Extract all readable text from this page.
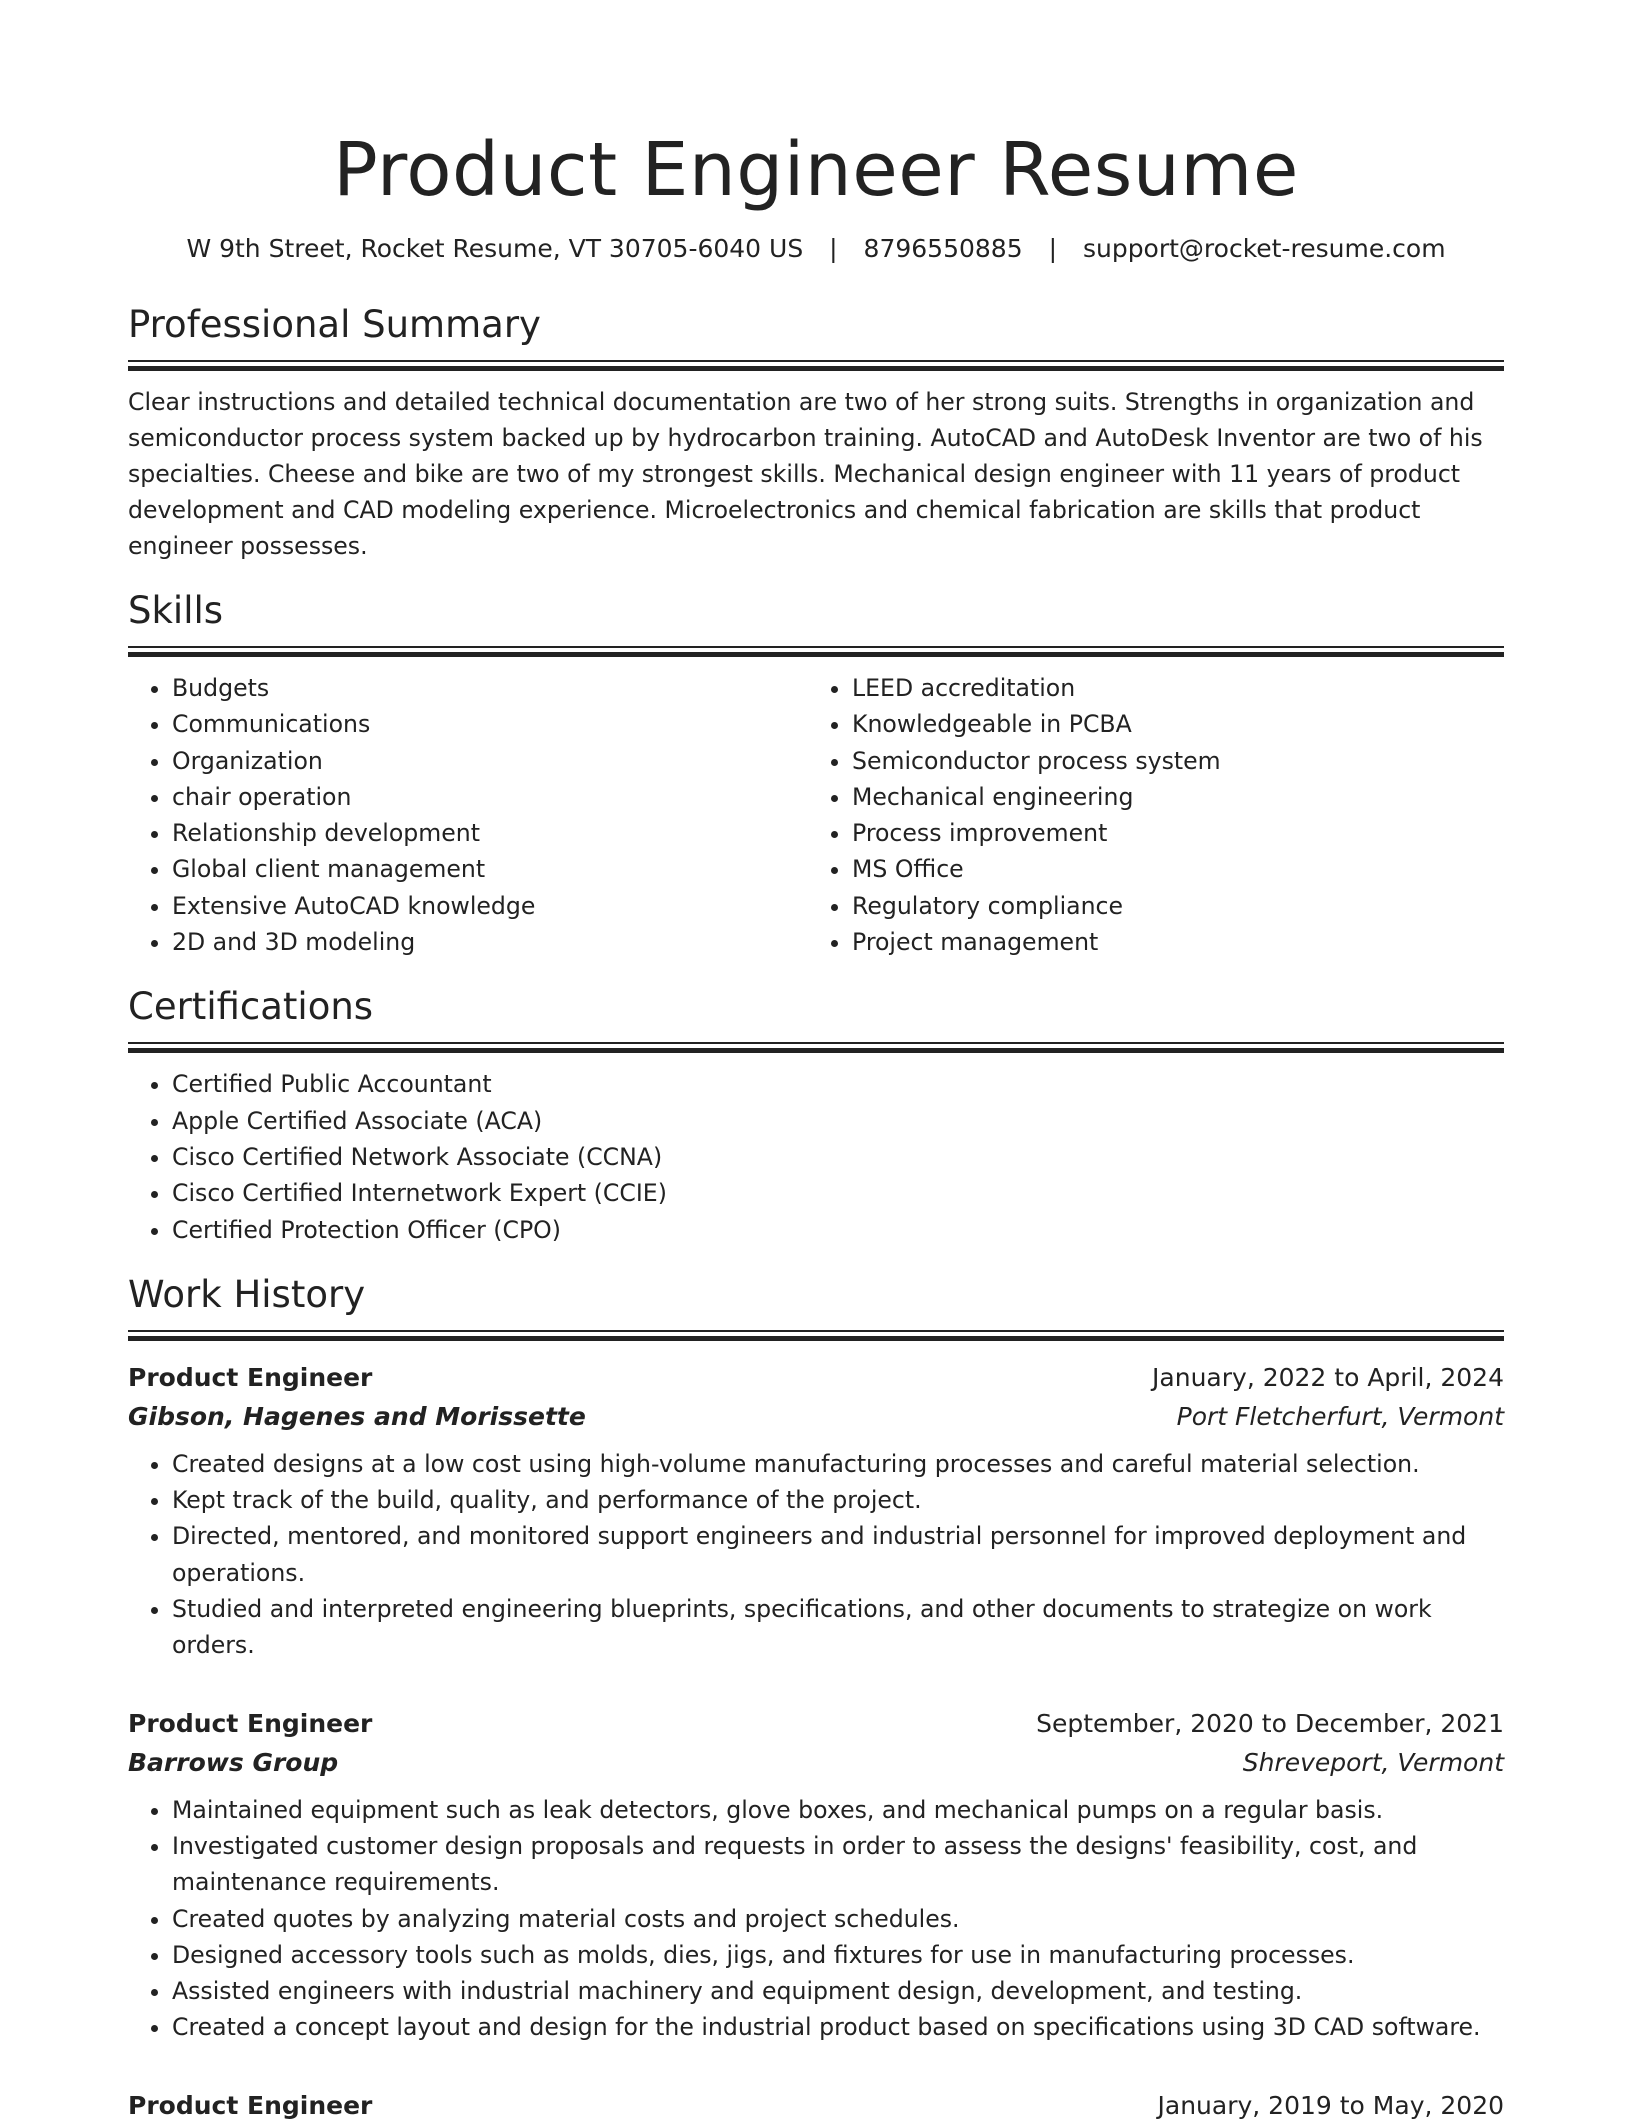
Product Engineer Resume
W 9th Street, Rocket Resume, VT 30705-6040 US | 8796550885 | support@rocket-resume.com
Professional Summary

Clear instructions and detailed technical documentation are two of her strong suits. Strengths in organization and semiconductor process system backed up by hydrocarbon training. AutoCAD and AutoDesk Inventor are two of his specialties. Cheese and bike are two of my strongest skills. Mechanical design engineer with 11 years of product development and CAD modeling experience. Microelectronics and chemical fabrication are skills that product engineer possesses.

Skills
• Budgets
• Communications
• Organization
• chair operation
• Relationship development
• Global client management
• Extensive AutoCAD knowledge
• 2D and 3D modeling
• LEED accreditation
• Knowledgeable in PCBA
• Semiconductor process system
• Mechanical engineering
• Process improvement
• MS Office
• Regulatory compliance
• Project management
Certifications
• Certified Public Accountant
• Apple Certified Associate (ACA)
• Cisco Certified Network Associate (CCNA)
• Cisco Certified Internetwork Expert (CCIE)
• Certified Protection Officer (CPO)
Work History
Product Engineer	January, 2022 to April, 2024
Gibson, Hagenes and Morissette	Port Fletcherfurt, Vermont
• Created designs at a low cost using high-volume manufacturing processes and careful material selection.
• Kept track of the build, quality, and performance of the project.
• Directed, mentored, and monitored support engineers and industrial personnel for improved deployment and operations.
• Studied and interpreted engineering blueprints, specifications, and other documents to strategize on work orders.
Product Engineer	September, 2020 to December, 2021
Barrows Group	Shreveport, Vermont
• Maintained equipment such as leak detectors, glove boxes, and mechanical pumps on a regular basis.
• Investigated customer design proposals and requests in order to assess the designs' feasibility, cost, and maintenance requirements.
• Created quotes by analyzing material costs and project schedules.
• Designed accessory tools such as molds, dies, jigs, and fixtures for use in manufacturing processes.
• Assisted engineers with industrial machinery and equipment design, development, and testing.
• Created a concept layout and design for the industrial product based on specifications using 3D CAD software.
Product Engineer	January, 2019 to May, 2020
